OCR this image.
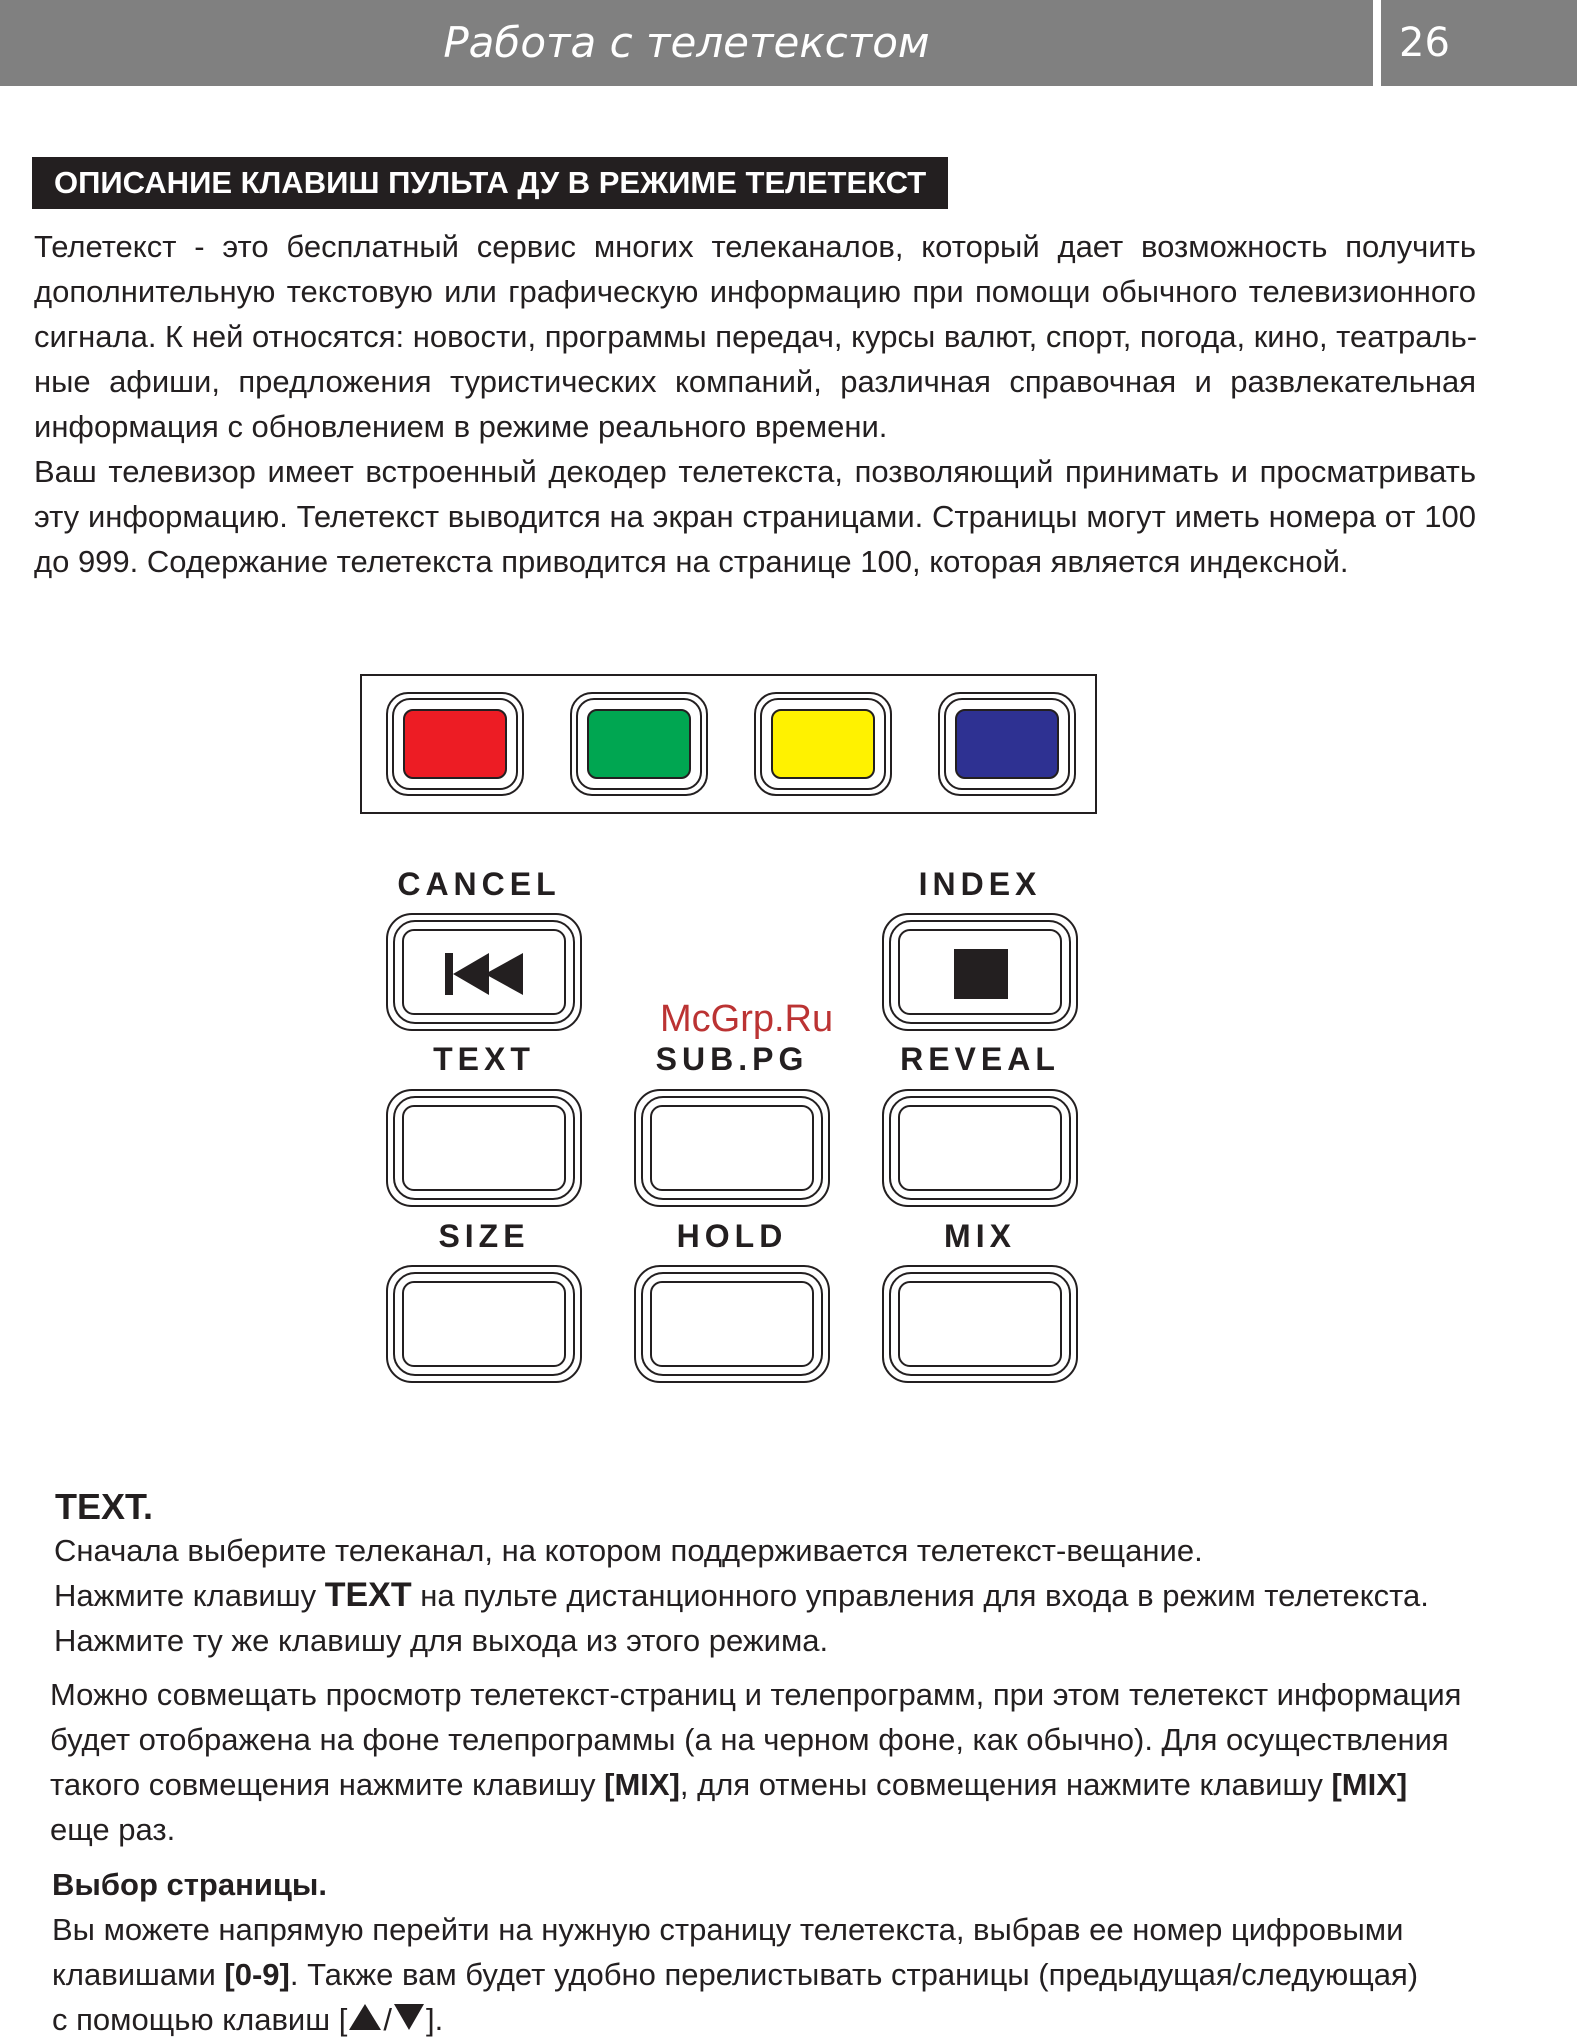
Работа с телетекстом	26
ОПИСАНИЕ КЛАВИШ ПУЛЬТА ДУ В РЕЖИМЕ ТЕЛЕТЕКСТ
Телетекст - это бесплатный сервис многих телеканалов, который дает возможность получить
дополнительную текстовую или графическую информацию при помощи обычного телевизионного
сигнала. К ней относятся: новости, программы передач, курсы валют, спорт, погода, кино, театраль-
ные афиши, предложения туристических компаний, различная справочная и развлекательная
информация с обновлением в режиме реального времени.
Ваш телевизор имеет встроенный декодер телетекста, позволяющий принимать и просматривать
эту информацию. Телетекст выводится на экран страницами. Страницы могут иметь номера от 100
до 999. Содержание телетекста приводится на странице 100, которая является индексной.
CANCEL	INDEX
TEXT	SUB.PG	REVEAL
SIZE	HOLD	MIX
McGrp.Ru
TEXT.
Сначала выберите телеканал, на котором поддерживается телетекст-вещание.
Нажмите клавишу TEXT на пульте дистанционного управления для входа в режим телетекста.
Нажмите ту же клавишу для выхода из этого режима.
Можно совмещать просмотр телетекст-страниц и телепрограмм, при этом телетекст информация
будет отображена на фоне телепрограммы (а на черном фоне, как обычно). Для осуществления
такого совмещения нажмите клавишу [MIX], для отмены совмещения нажмите клавишу [MIX]
еще раз.
Выбор страницы.
Вы можете напрямую перейти на нужную страницу телетекста, выбрав ее номер цифровыми
клавишами [0-9]. Также вам будет удобно перелистывать страницы (предыдущая/следующая)
с помощью клавиш [ / ].
